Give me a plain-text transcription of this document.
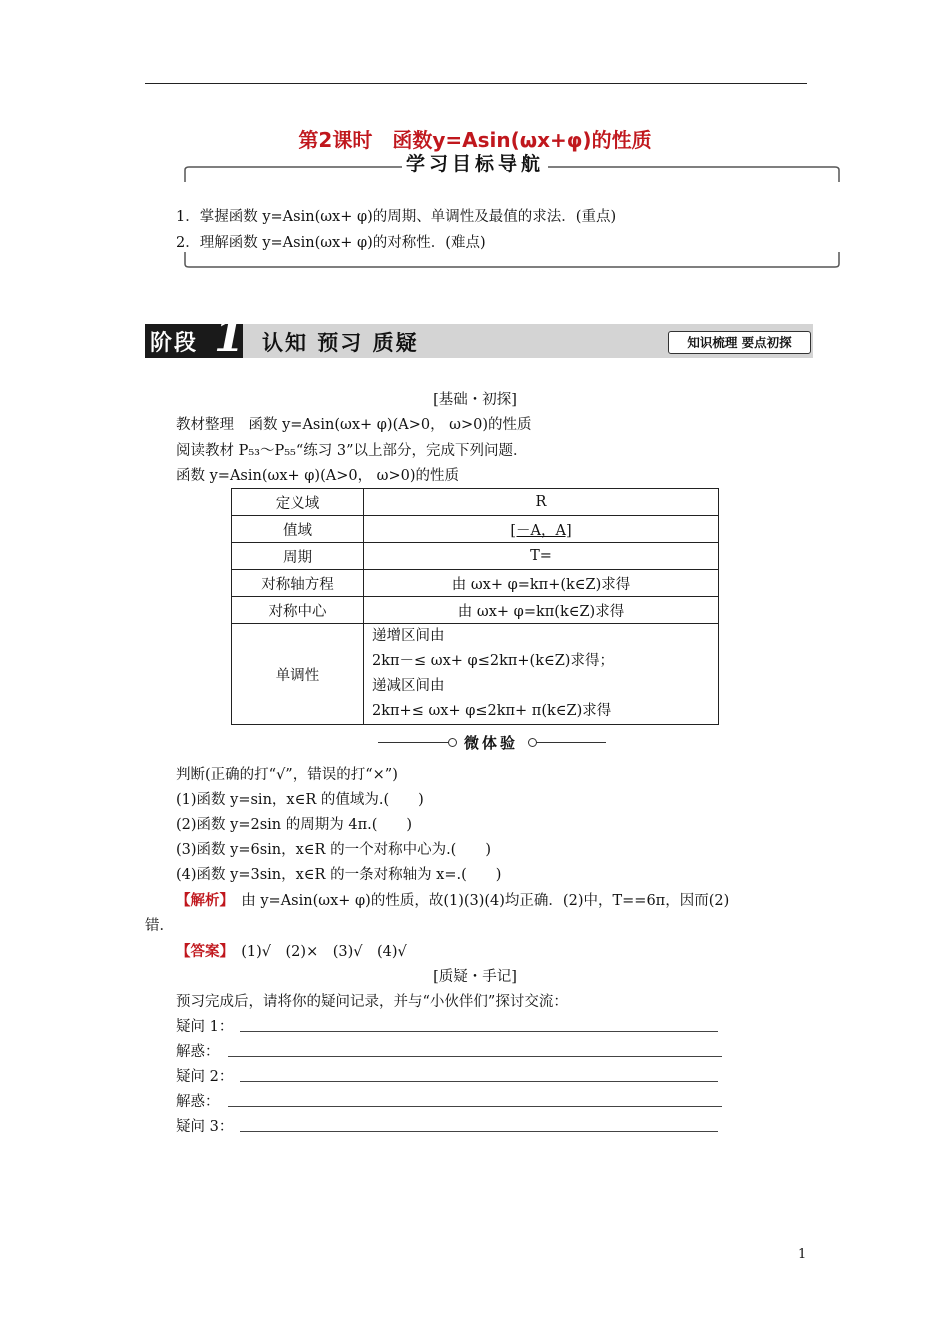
第2课时　函数y=Asin(ωx+φ)的性质
学习目标导航
1．掌握函数 y=Asin(ωx+ φ)的周期、单调性及最值的求法．(重点)
2．理解函数 y=Asin(ωx+ φ)的对称性．(难点)
阶段 1 认知 预习 质疑	知识梳理 要点初探
[基础・初探]
教材整理　函数 y=Asin(ωx+ φ)(A>0， ω>0)的性质
阅读教材 P₅₃～P₅₅“练习 3”以上部分，完成下列问题．
函数 y=Asin(ωx+ φ)(A>0， ω>0)的性质
定义域	R
值域	[－A，A]
周期	T=
对称轴方程	由 ωx+ φ=kπ+(k∈Z)求得
对称中心	由 ωx+ φ=kπ(k∈Z)求得
单调性	递增区间由
2kπ－≤ ωx+ φ≤2kπ+(k∈Z)求得；
递减区间由
2kπ+≤ ωx+ φ≤2kπ+ π(k∈Z)求得
微体验
判断(正确的打“√”，错误的打“×”)
(1)函数 y=sin，x∈R 的值域为.(　　)
(2)函数 y=2sin 的周期为 4π.(　　)
(3)函数 y=6sin，x∈R 的一个对称中心为.(　　)
(4)函数 y=3sin，x∈R 的一条对称轴为 x=.(　　)
【解析】　由 y=Asin(ωx+ φ)的性质，故(1)(3)(4)均正确．(2)中，T==6π，因而(2)
错．
【答案】　(1)√　(2)×　(3)√　(4)√
[质疑・手记]
预习完成后，请将你的疑问记录，并与“小伙伴们”探讨交流：
疑问 1：
解惑：
疑问 2：
解惑：
疑问 3：
1
